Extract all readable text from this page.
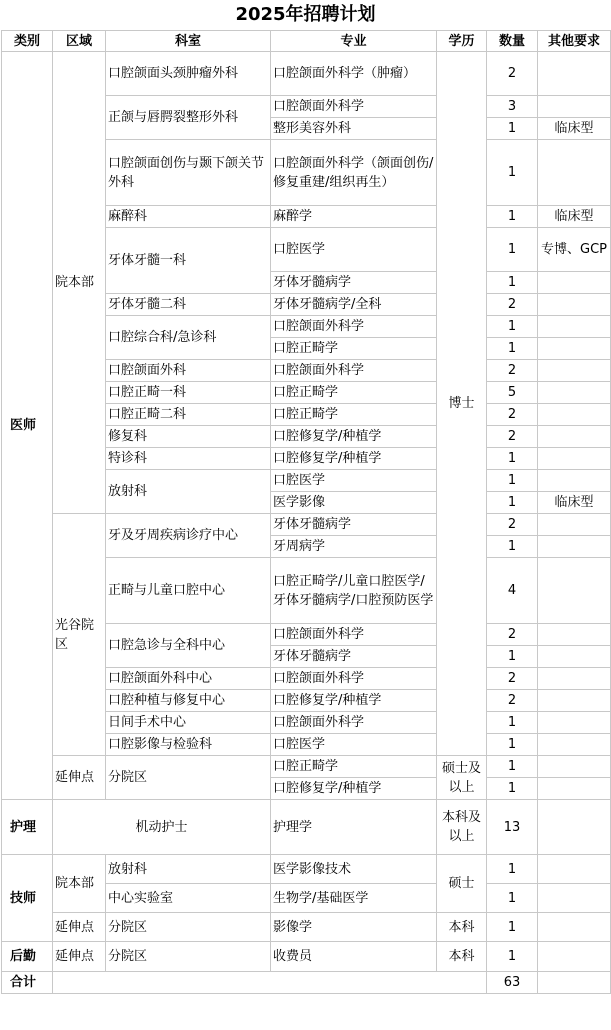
2025年招聘计划
类别	区域	科室	专业	学历	数量	其他要求
医师	院本部	口腔颌面头颈肿瘤外科	口腔颌面外科学（肿瘤）	博士	2	
		正颌与唇腭裂整形外科	口腔颌面外科学		3	
			整形美容外科		1	临床型
		口腔颌面创伤与颞下颌关节外科	口腔颌面外科学（颌面创伤/修复重建/组织再生）		1	
		麻醉科	麻醉学		1	临床型
		牙体牙髓一科	口腔医学		1	专博、GCP
			牙体牙髓病学		1	
		牙体牙髓二科	牙体牙髓病学/全科		2	
		口腔综合科/急诊科	口腔颌面外科学		1	
			口腔正畸学		1	
		口腔颌面外科	口腔颌面外科学		2	
		口腔正畸一科	口腔正畸学		5	
		口腔正畸二科	口腔正畸学		2	
		修复科	口腔修复学/种植学		2	
		特诊科	口腔修复学/种植学		1	
		放射科	口腔医学		1	
			医学影像		1	临床型
	光谷院区	牙及牙周疾病诊疗中心	牙体牙髓病学		2	
			牙周病学		1	
		正畸与儿童口腔中心	口腔正畸学/儿童口腔医学/牙体牙髓病学/口腔预防医学		4	
		口腔急诊与全科中心	口腔颌面外科学		2	
			牙体牙髓病学		1	
		口腔颌面外科中心	口腔颌面外科学		2	
		口腔种植与修复中心	口腔修复学/种植学		2	
		日间手术中心	口腔颌面外科学		1	
		口腔影像与检验科	口腔医学		1	
	延伸点	分院区	口腔正畸学	硕士及以上	1	
			口腔修复学/种植学		1	
护理	机动护士		护理学	本科及以上	13	
技师	院本部	放射科	医学影像技术	硕士	1	
		中心实验室	生物学/基础医学		1	
	延伸点	分院区	影像学	本科	1	
后勤	延伸点	分院区	收费员	本科	1	
合计					63	
